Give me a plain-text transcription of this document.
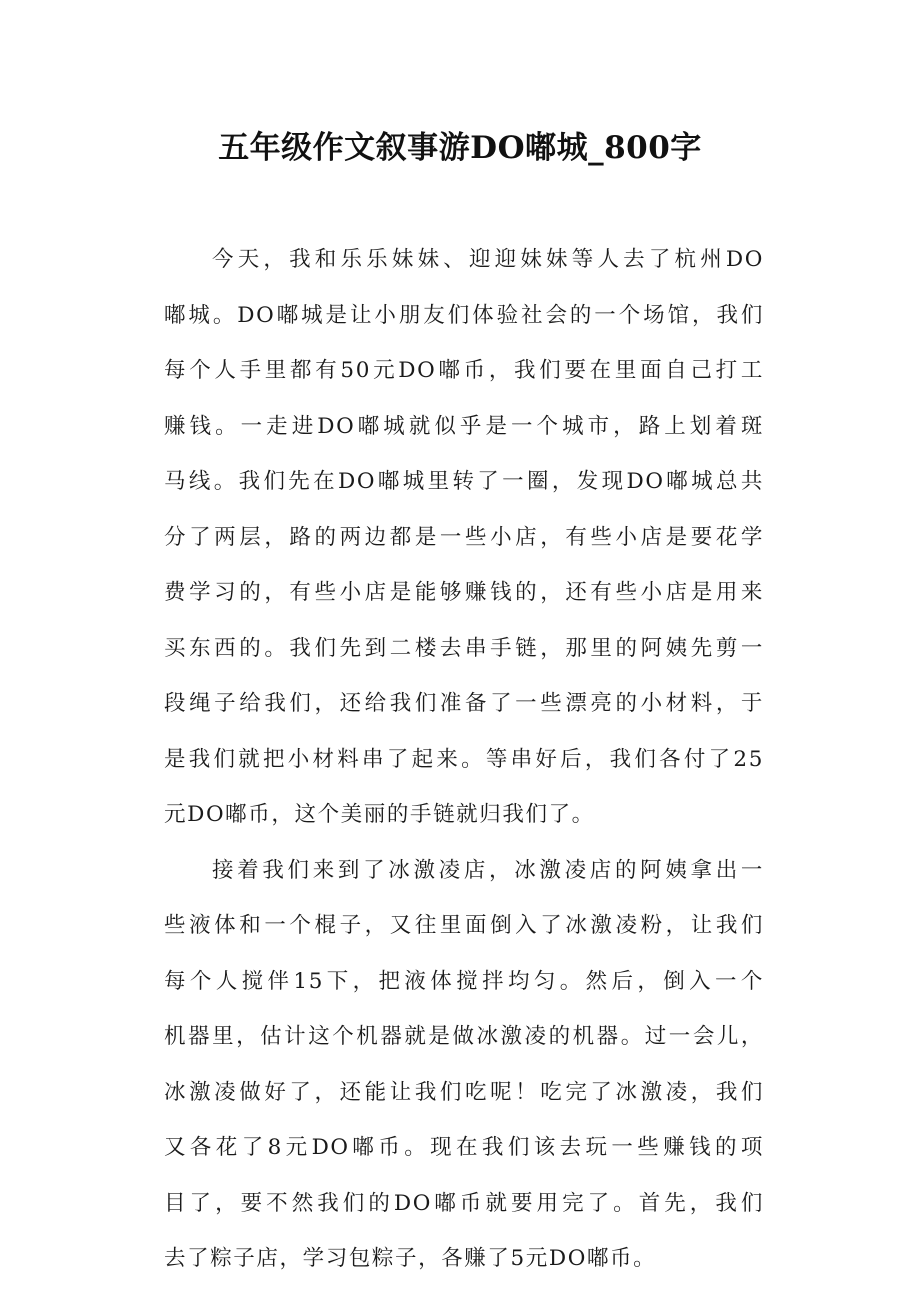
五年级作文叙事游DO嘟城_800字
今天，我和乐乐妹妹、迎迎妹妹等人去了杭州DO
嘟城。DO嘟城是让小朋友们体验社会的一个场馆，我们
每个人手里都有50元DO嘟币，我们要在里面自己打工
赚钱。一走进DO嘟城就似乎是一个城市，路上划着斑
马线。我们先在DO嘟城里转了一圈，发现DO嘟城总共
分了两层，路的两边都是一些小店，有些小店是要花学
费学习的，有些小店是能够赚钱的，还有些小店是用来
买东西的。我们先到二楼去串手链，那里的阿姨先剪一
段绳子给我们，还给我们准备了一些漂亮的小材料，于
是我们就把小材料串了起来。等串好后，我们各付了25
元DO嘟币，这个美丽的手链就归我们了。
接着我们来到了冰激凌店，冰激凌店的阿姨拿出一
些液体和一个棍子，又往里面倒入了冰激凌粉，让我们
每个人搅伴15下，把液体搅拌均匀。然后，倒入一个
机器里，估计这个机器就是做冰激凌的机器。过一会儿，
冰激凌做好了，还能让我们吃呢！吃完了冰激凌，我们
又各花了8元DO嘟币。现在我们该去玩一些赚钱的项
目了，要不然我们的DO嘟币就要用完了。首先，我们
去了粽子店，学习包粽子，各赚了5元DO嘟币。
